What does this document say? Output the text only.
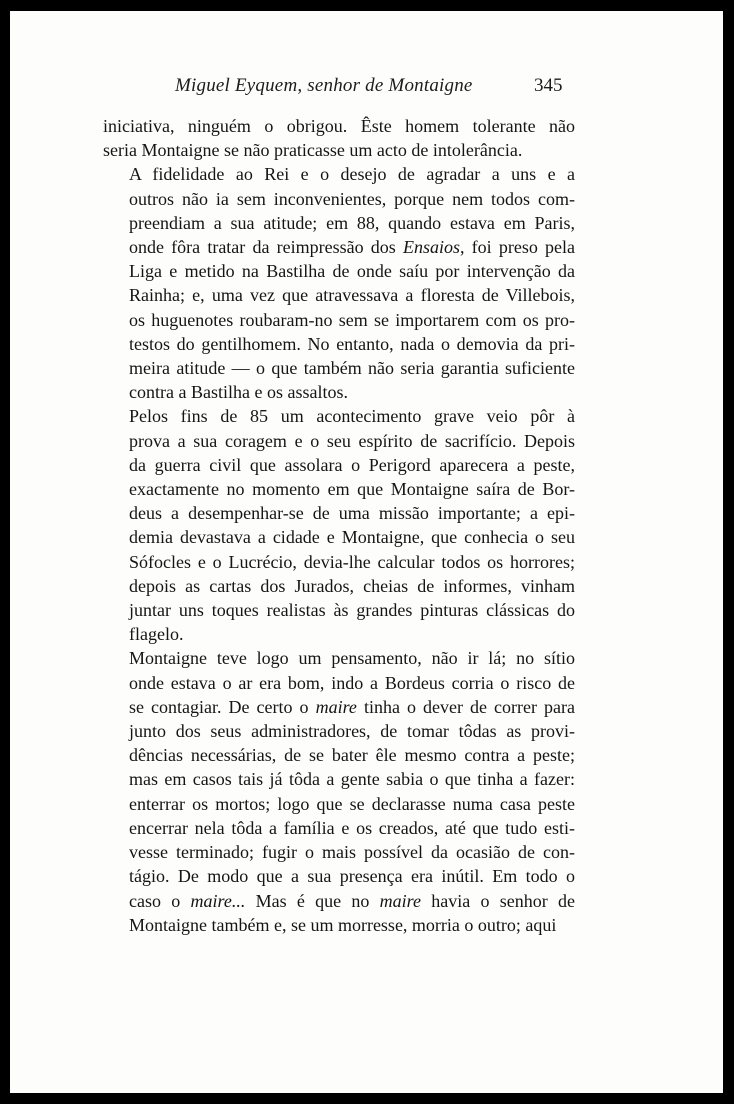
Miguel Eyquem, senhor de Montaigne	345

iniciativa, ninguém o obrigou. Êste homem tolerante não
seria Montaigne se não praticasse um acto de intolerância.

A fidelidade ao Rei e o desejo de agradar a uns e a
outros não ia sem inconvenientes, porque nem todos com-
preendiam a sua atitude; em 88, quando estava em Paris,
onde fôra tratar da reimpressão dos Ensaios, foi preso pela
Liga e metido na Bastilha de onde saíu por intervenção da
Rainha; e, uma vez que atravessava a floresta de Villebois,
os huguenotes roubaram-no sem se importarem com os pro-
testos do gentilhomem. No entanto, nada o demovia da pri-
meira atitude — o que também não seria garantia suficiente
contra a Bastilha e os assaltos.

Pelos fins de 85 um acontecimento grave veio pôr à
prova a sua coragem e o seu espírito de sacrifício. Depois
da guerra civil que assolara o Perigord aparecera a peste,
exactamente no momento em que Montaigne saíra de Bor-
deus a desempenhar-se de uma missão importante; a epi-
demia devastava a cidade e Montaigne, que conhecia o seu
Sófocles e o Lucrécio, devia-lhe calcular todos os horrores;
depois as cartas dos Jurados, cheias de informes, vinham
juntar uns toques realistas às grandes pinturas clássicas do
flagelo.

Montaigne teve logo um pensamento, não ir lá; no sítio
onde estava o ar era bom, indo a Bordeus corria o risco de
se contagiar. De certo o maire tinha o dever de correr para
junto dos seus administradores, de tomar tôdas as provi-
dências necessárias, de se bater êle mesmo contra a peste;
mas em casos tais já tôda a gente sabia o que tinha a fazer:
enterrar os mortos; logo que se declarasse numa casa peste
encerrar nela tôda a família e os creados, até que tudo esti-
vesse terminado; fugir o mais possível da ocasião de con-
tágio. De modo que a sua presença era inútil. Em todo o
caso o maire... Mas é que no maire havia o senhor de
Montaigne também e, se um morresse, morria o outro; aqui
